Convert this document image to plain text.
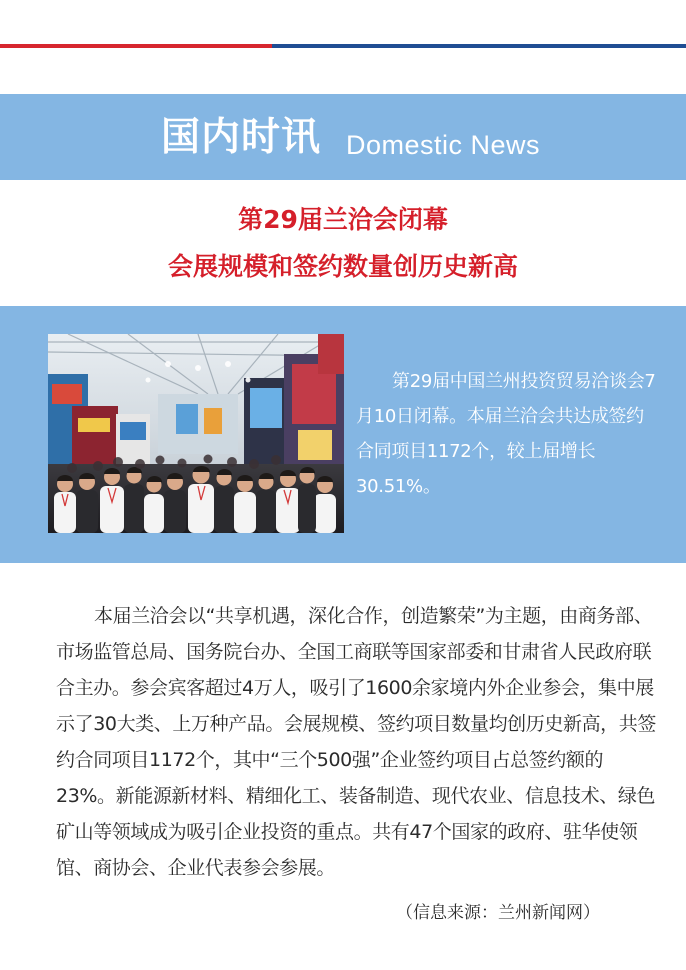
国内时讯 Domestic News
第29届兰洽会闭幕
会展规模和签约数量创历史新高

第29届中国兰州投资贸易洽谈会7月10日闭幕。本届兰洽会共达成签约合同项目1172个，较上届增长30.51%。

本届兰洽会以“共享机遇，深化合作，创造繁荣”为主题，由商务部、市场监管总局、国务院台办、全国工商联等国家部委和甘肃省人民政府联合主办。参会宾客超过4万人，吸引了1600余家境内外企业参会，集中展示了30大类、上万种产品。会展规模、签约项目数量均创历史新高，共签约合同项目1172个，其中“三个500强”企业签约项目占总签约额的23%。新能源新材料、精细化工、装备制造、现代农业、信息技术、绿色矿山等领域成为吸引企业投资的重点。共有47个国家的政府、驻华使领馆、商协会、企业代表参会参展。

（信息来源：兰州新闻网）
